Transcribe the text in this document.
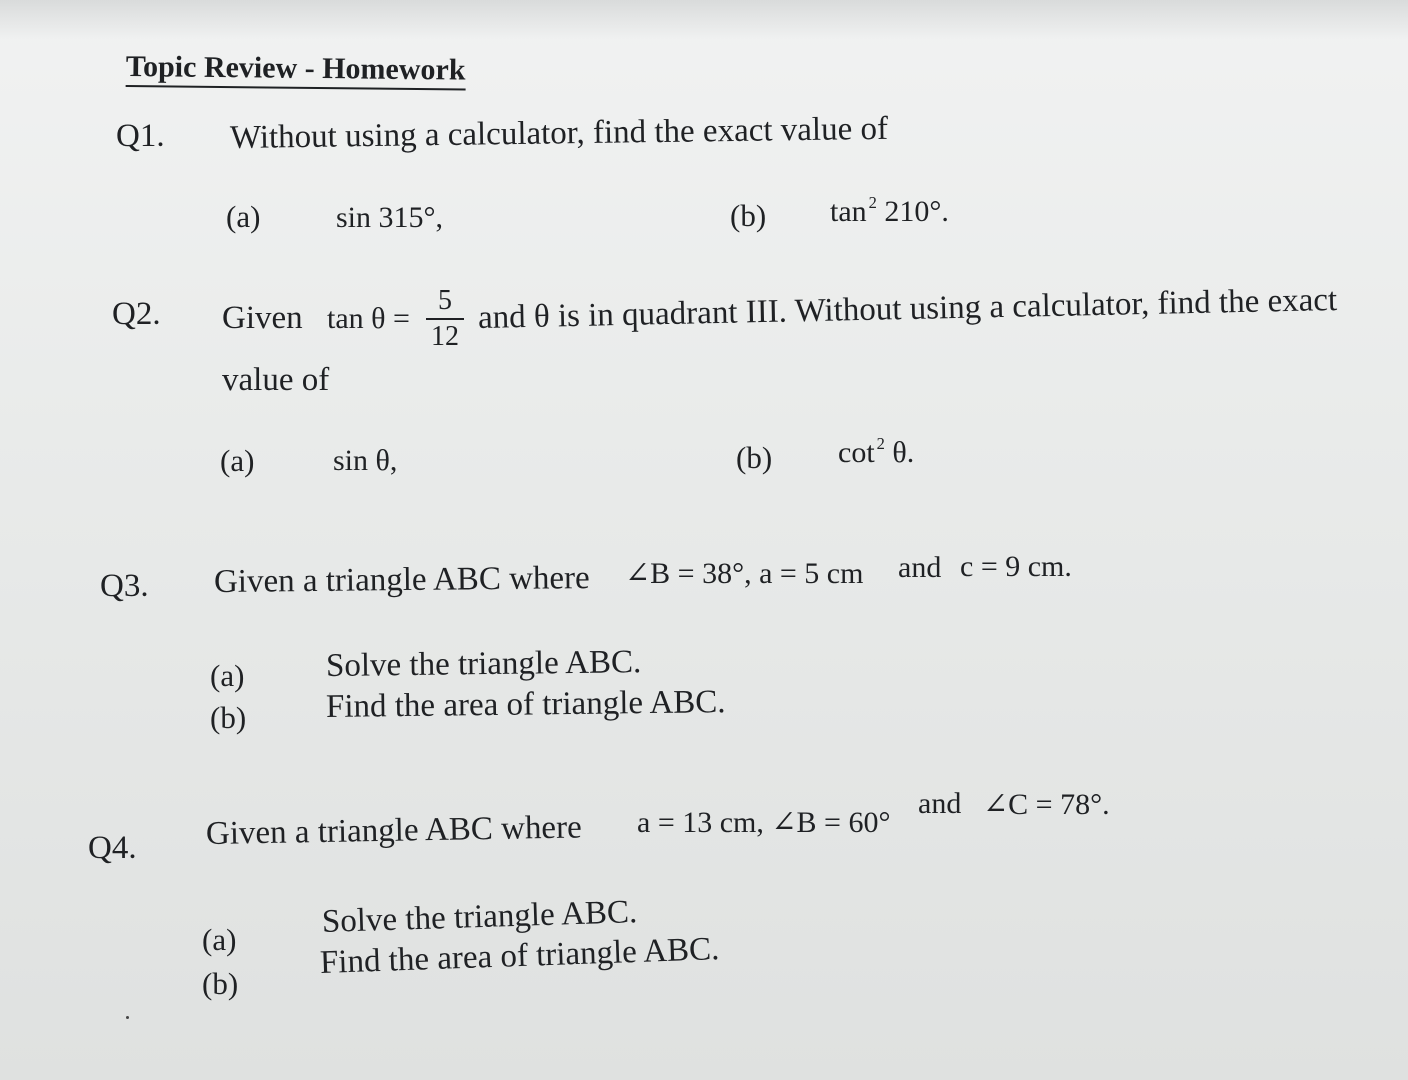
Topic Review - Homework
Q1. Without using a calculator, find the exact value of
(a)	sin 315°,	(b) tan $^2$ 210°.
Q2. Given $\tan \theta = \frac{5}{12}$ and θ is in quadrant III. Without using a calculator, find the exact
value of
(a)	sin θ,	(b) cot $^2$ θ.
Q3. Given a triangle ABC where ∠B = 38°, a = 5 cm and c = 9 cm.
(a) Solve the triangle ABC.
(b) Find the area of triangle ABC.
Q4. Given a triangle ABC where a = 13 cm, ∠B = 60°
and ∠C = 78°.
(a)	Solve the triangle ABC.
(b)
Find the area of triangle ABC.
